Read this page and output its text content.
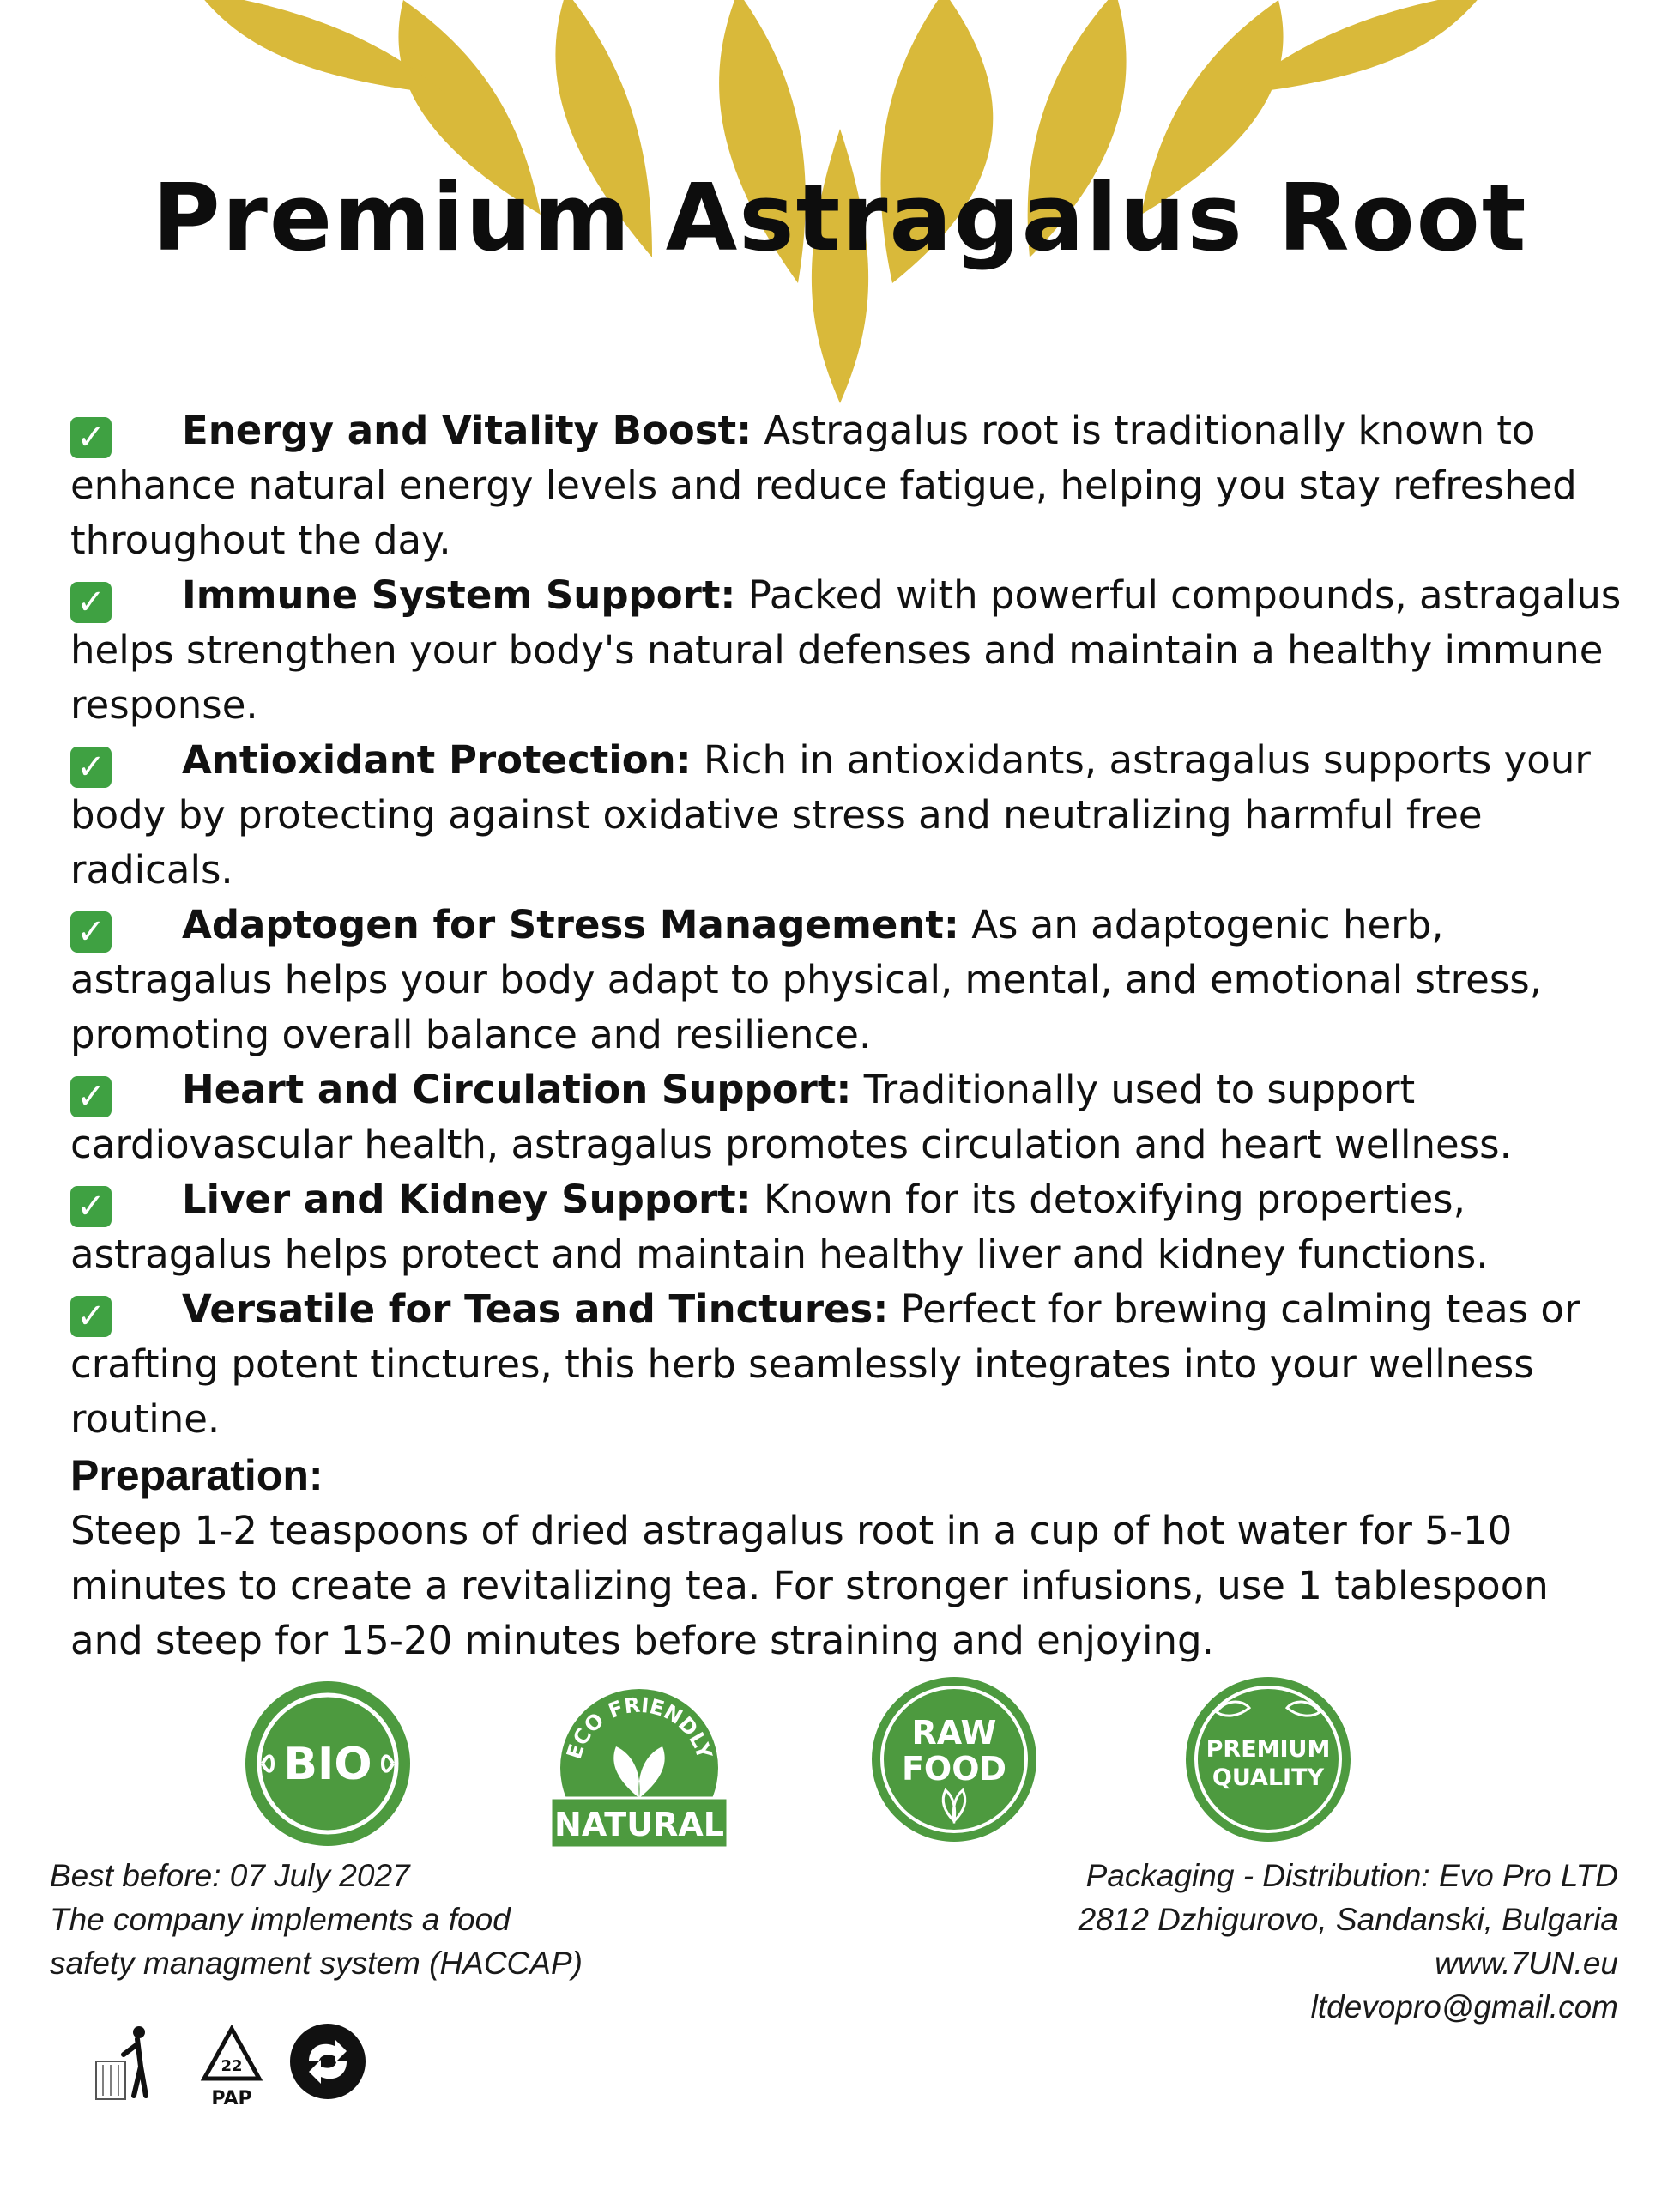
Premium Astragalus Root

✓ Energy and Vitality Boost: Astragalus root is traditionally known to enhance natural energy levels and reduce fatigue, helping you stay refreshed throughout the day.

✓ Immune System Support: Packed with powerful compounds, astragalus helps strengthen your body's natural defenses and maintain a healthy immune response.

✓ Antioxidant Protection: Rich in antioxidants, astragalus supports your body by protecting against oxidative stress and neutralizing harmful free radicals.

✓ Adaptogen for Stress Management: As an adaptogenic herb, astragalus helps your body adapt to physical, mental, and emotional stress, promoting overall balance and resilience.

✓ Heart and Circulation Support: Traditionally used to support cardiovascular health, astragalus promotes circulation and heart wellness.

✓ Liver and Kidney Support: Known for its detoxifying properties, astragalus helps protect and maintain healthy liver and kidney functions.

✓ Versatile for Teas and Tinctures: Perfect for brewing calming teas or crafting potent tinctures, this herb seamlessly integrates into your wellness routine.

Preparation:

Steep 1-2 teaspoons of dried astragalus root in a cup of hot water for 5-10 minutes to create a revitalizing tea. For stronger infusions, use 1 tablespoon and steep for 15-20 minutes before straining and enjoying.

BIO	ECO FRIENDLY
NATURAL
RAW
FOOD
PREMIUM
QUALITY
Best before: 07 July 2027
The company implements a food
safety managment system (HACCAP)
Packaging - Distribution: Evo Pro LTD
2812 Dzhigurovo, Sandanski, Bulgaria
www.7UN.eu
ltdevopro@gmail.com
22
PAP
